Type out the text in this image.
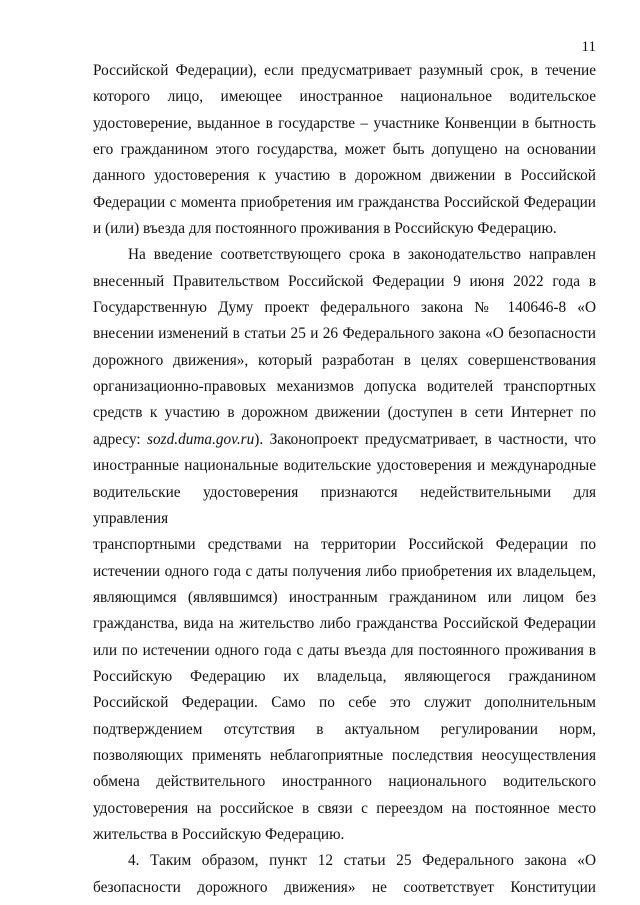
11

Российской Федерации), если предусматривает разумный срок, в течение

которого лицо, имеющее иностранное национальное водительское

удостоверение, выданное в государстве – участнике Конвенции в бытность

его гражданином этого государства, может быть допущено на основании

данного удостоверения к участию в дорожном движении в Российской

Федерации с момента приобретения им гражданства Российской Федерации

и (или) въезда для постоянного проживания в Российскую Федерацию.

На введение соответствующего срока в законодательство направлен

внесенный Правительством Российской Федерации 9 июня 2022 года в

Государственную Думу проект федерального закона № 140646-8 «О

внесении изменений в статьи 25 и 26 Федерального закона «О безопасности

дорожного движения», который разработан в целях совершенствования

организационно-правовых механизмов допуска водителей транспортных

средств к участию в дорожном движении (доступен в сети Интернет по

адресу: sozd.duma.gov.ru). Законопроект предусматривает, в частности, что

иностранные национальные водительские удостоверения и международные

водительские удостоверения признаются недействительными для управления

транспортными средствами на территории Российской Федерации по

истечении одного года с даты получения либо приобретения их владельцем,

являющимся (являвшимся) иностранным гражданином или лицом без

гражданства, вида на жительство либо гражданства Российской Федерации

или по истечении одного года с даты въезда для постоянного проживания в

Российскую Федерацию их владельца, являющегося гражданином

Российской Федерации. Само по себе это служит дополнительным

подтверждением отсутствия в актуальном регулировании норм,

позволяющих применять неблагоприятные последствия неосуществления

обмена действительного иностранного национального водительского

удостоверения на российское в связи с переездом на постоянное место

жительства в Российскую Федерацию.

4. Таким образом, пункт 12 статьи 25 Федерального закона «О

безопасности дорожного движения» не соответствует Конституции
